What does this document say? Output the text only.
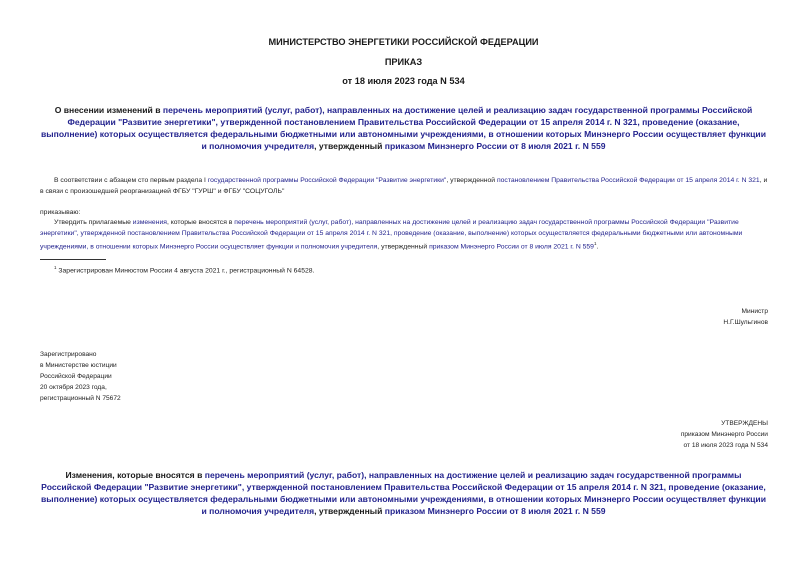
МИНИСТЕРСТВО ЭНЕРГЕТИКИ РОССИЙСКОЙ ФЕДЕРАЦИИ
ПРИКАЗ
от 18 июля 2023 года N 534
О внесении изменений в перечень мероприятий (услуг, работ), направленных на достижение целей и реализацию задач государственной программы Российской Федерации "Развитие энергетики", утвержденной постановлением Правительства Российской Федерации от 15 апреля 2014 г. N 321, проведение (оказание, выполнение) которых осуществляется федеральными бюджетными или автономными учреждениями, в отношении которых Минэнерго России осуществляет функции и полномочия учредителя, утвержденный приказом Минэнерго России от 8 июля 2021 г. N 559
В соответствии с абзацем сто первым раздела I государственной программы Российской Федерации "Развитие энергетики", утвержденной постановлением Правительства Российской Федерации от 15 апреля 2014 г. N 321, и в связи с произошедшей реорганизацией ФГБУ "ГУРШ" и ФГБУ "СОЦУГОЛЬ"
приказываю:
Утвердить прилагаемые изменения, которые вносятся в перечень мероприятий (услуг, работ), направленных на достижение целей и реализацию задач государственной программы Российской Федерации "Развитие энергетики", утвержденной постановлением Правительства Российской Федерации от 15 апреля 2014 г. N 321, проведение (оказание, выполнение) которых осуществляется федеральными бюджетными или автономными учреждениями, в отношении которых Минэнерго России осуществляет функции и полномочия учредителя, утвержденный приказом Минэнерго России от 8 июля 2021 г. N $559^1$.
$^1$ Зарегистрирован Минюстом России 4 августа 2021 г., регистрационный N 64528.
Министр
Н.Г.Шульгинов
Зарегистрировано
в Министерстве юстиции
Российской Федерации
20 октября 2023 года,
регистрационный N 75672
УТВЕРЖДЕНЫ
приказом Минэнерго России
от 18 июля 2023 года N 534
Изменения, которые вносятся в перечень мероприятий (услуг, работ), направленных на достижение целей и реализацию задач государственной программы Российской Федерации "Развитие энергетики", утвержденной постановлением Правительства Российской Федерации от 15 апреля 2014 г. N 321, проведение (оказание, выполнение) которых осуществляется федеральными бюджетными или автономными учреждениями, в отношении которых Минэнерго России осуществляет функции и полномочия учредителя, утвержденный приказом Минэнерго России от 8 июля 2021 г. N 559
